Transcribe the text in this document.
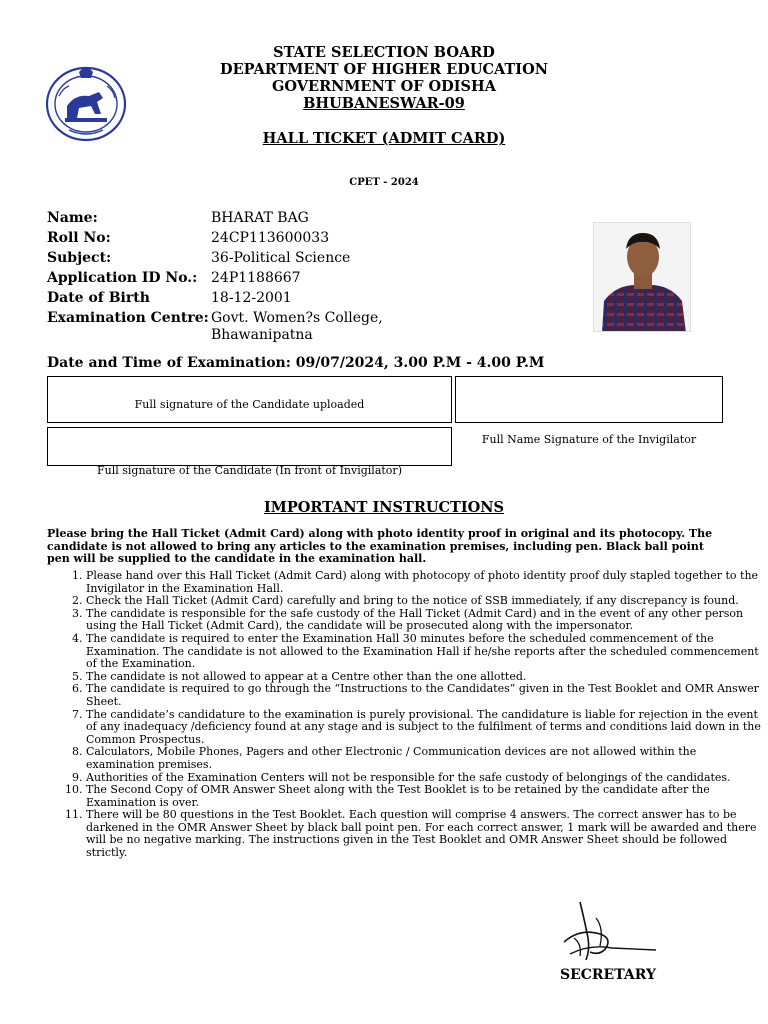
STATE SELECTION BOARD
DEPARTMENT OF HIGHER EDUCATION
GOVERNMENT OF ODISHA
BHUBANESWAR-09
HALL TICKET (ADMIT CARD)
CPET - 2024
Name:	BHARAT BAG
Roll No:	24CP113600033
Subject:	36-Political Science
Application ID No.: 24P1188667
Date of Birth	18-12-2001
Examination Centre: Govt. Women?s College,
Bhawanipatna
Date and Time of Examination: 09/07/2024, 3.00 P.M - 4.00 P.M
Full signature of the Candidate uploaded
Full Name Signature of the Invigilator
Full signature of the Candidate (In front of Invigilator)
IMPORTANT INSTRUCTIONS
Please bring the Hall Ticket (Admit Card) along with photo identity proof in original and its photocopy. The candidate is not allowed to bring any articles to the examination premises, including pen. Black ball point pen will be supplied to the candidate in the examination hall.
1. Please hand over this Hall Ticket (Admit Card) along with photocopy of photo identity proof duly stapled together to the Invigilator in the Examination Hall.
2. Check the Hall Ticket (Admit Card) carefully and bring to the notice of SSB immediately, if any discrepancy is found.
3. The candidate is responsible for the safe custody of the Hall Ticket (Admit Card) and in the event of any other person using the Hall Ticket (Admit Card), the candidate will be prosecuted along with the impersonator.
4. The candidate is required to enter the Examination Hall 30 minutes before the scheduled commencement of the Examination. The candidate is not allowed to the Examination Hall if he/she reports after the scheduled commencement of the Examination.
5. The candidate is not allowed to appear at a Centre other than the one allotted.
6. The candidate is required to go through the “Instructions to the Candidates” given in the Test Booklet and OMR Answer Sheet.
7. The candidate’s candidature to the examination is purely provisional. The candidature is liable for rejection in the event of any inadequacy /deficiency found at any stage and is subject to the fulfilment of terms and conditions laid down in the Common Prospectus.
8. Calculators, Mobile Phones, Pagers and other Electronic / Communication devices are not allowed within the examination premises.
9. Authorities of the Examination Centers will not be responsible for the safe custody of belongings of the candidates.
10. The Second Copy of OMR Answer Sheet along with the Test Booklet is to be retained by the candidate after the Examination is over.
11. There will be 80 questions in the Test Booklet. Each question will comprise 4 answers. The correct answer has to be darkened in the OMR Answer Sheet by black ball point pen. For each correct answer, 1 mark will be awarded and there will be no negative marking. The instructions given in the Test Booklet and OMR Answer Sheet should be followed strictly.
SECRETARY
